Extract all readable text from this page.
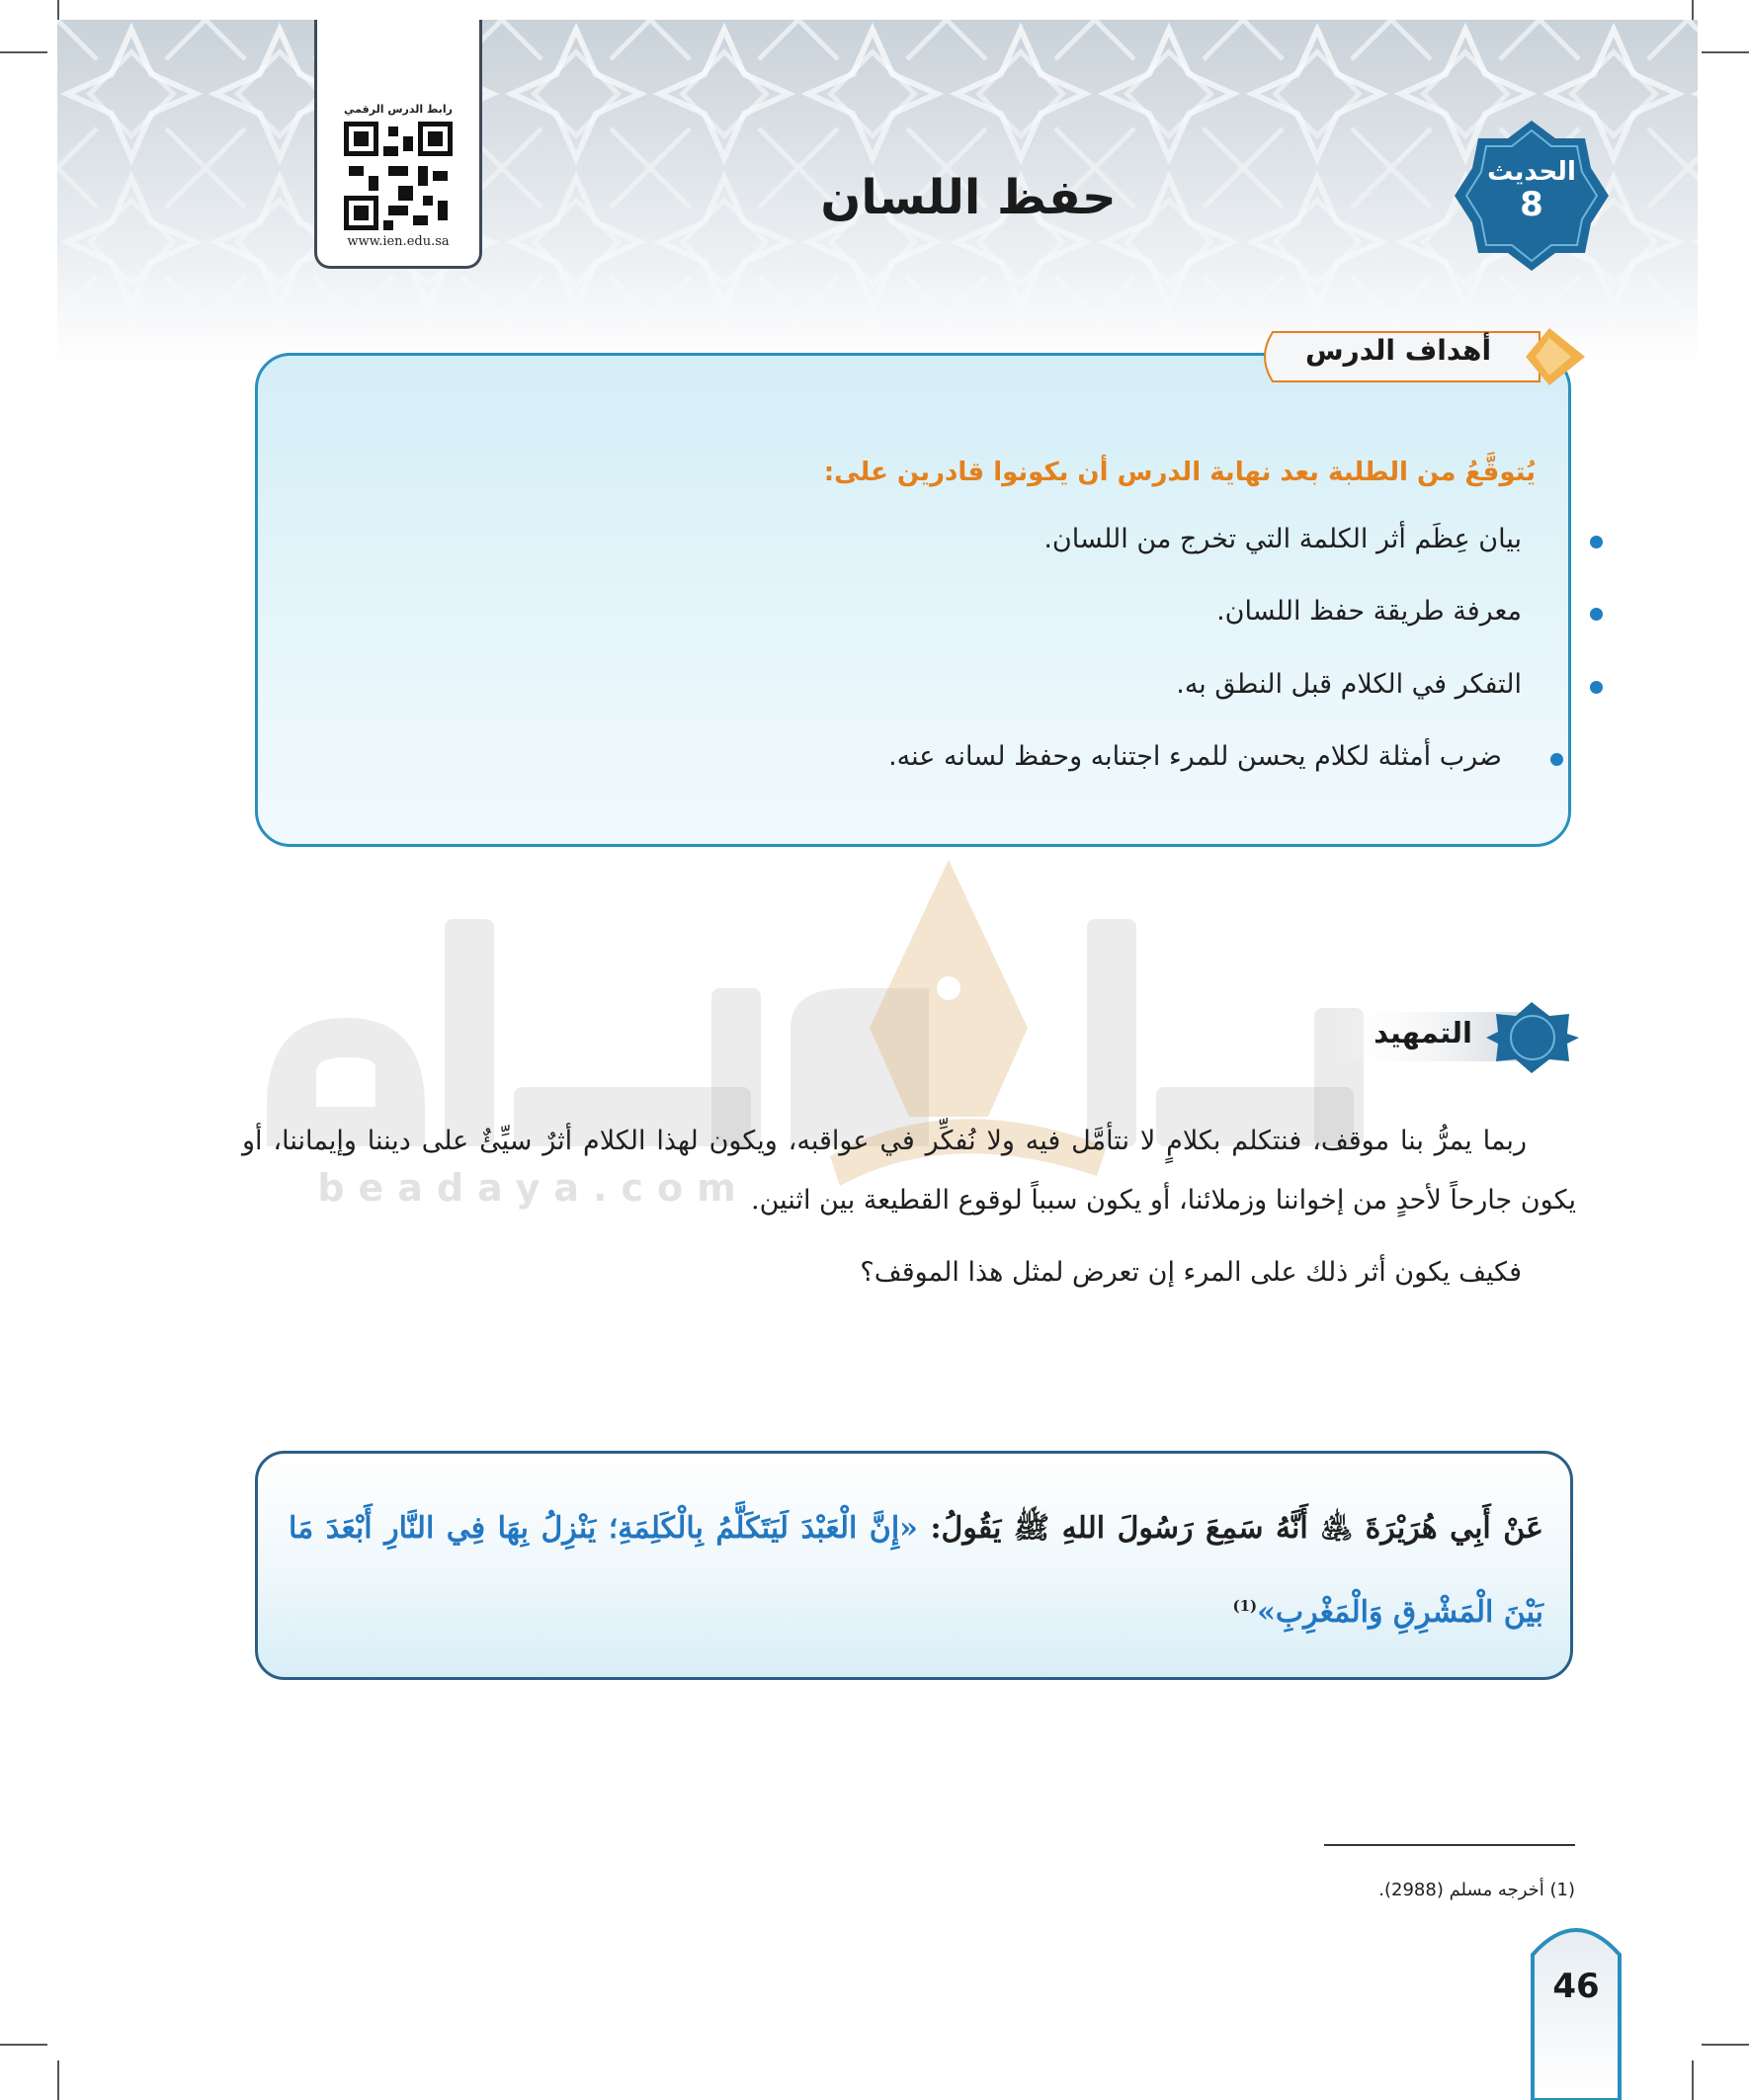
رابط الدرس الرقمي
www.ien.edu.sa
حفظ اللسان	الحديث
8
beadaya.com
أهداف الدرس
يُتوقَّعُ من الطلبة بعد نهاية الدرس أن يكونوا قادرين على:
بيان عِظَم أثر الكلمة التي تخرج من اللسان.
معرفة طريقة حفظ اللسان.
التفكر في الكلام قبل النطق به.
ضرب أمثلة لكلام يحسن للمرء اجتنابه وحفظ لسانه عنه.
التمهيد
ربما يمرُّ بنا موقف، فنتكلم بكلامٍ لا نتأمَّل فيه ولا نُفكِّر في عواقبه، ويكون لهذا الكلام أثرٌ سيِّئٌ على ديننا وإيماننا، أو يكون جارحاً لأحدٍ من إخواننا وزملائنا، أو يكون سبباً لوقوع القطيعة بين اثنين.
فكيف يكون أثر ذلك على المرء إن تعرض لمثل هذا الموقف؟
عَنْ أَبِي هُرَيْرَةَ ﵁ أَنَّهُ سَمِعَ رَسُولَ اللهِ ﷺ يَقُولُ: «إِنَّ الْعَبْدَ لَيَتَكَلَّمُ بِالْكَلِمَةِ؛ يَنْزِلُ بِهَا فِي النَّارِ أَبْعَدَ مَا بَيْنَ الْمَشْرِقِ وَالْمَغْرِبِ»$^{(1)}$
(1) أخرجه مسلم (2988).
46
